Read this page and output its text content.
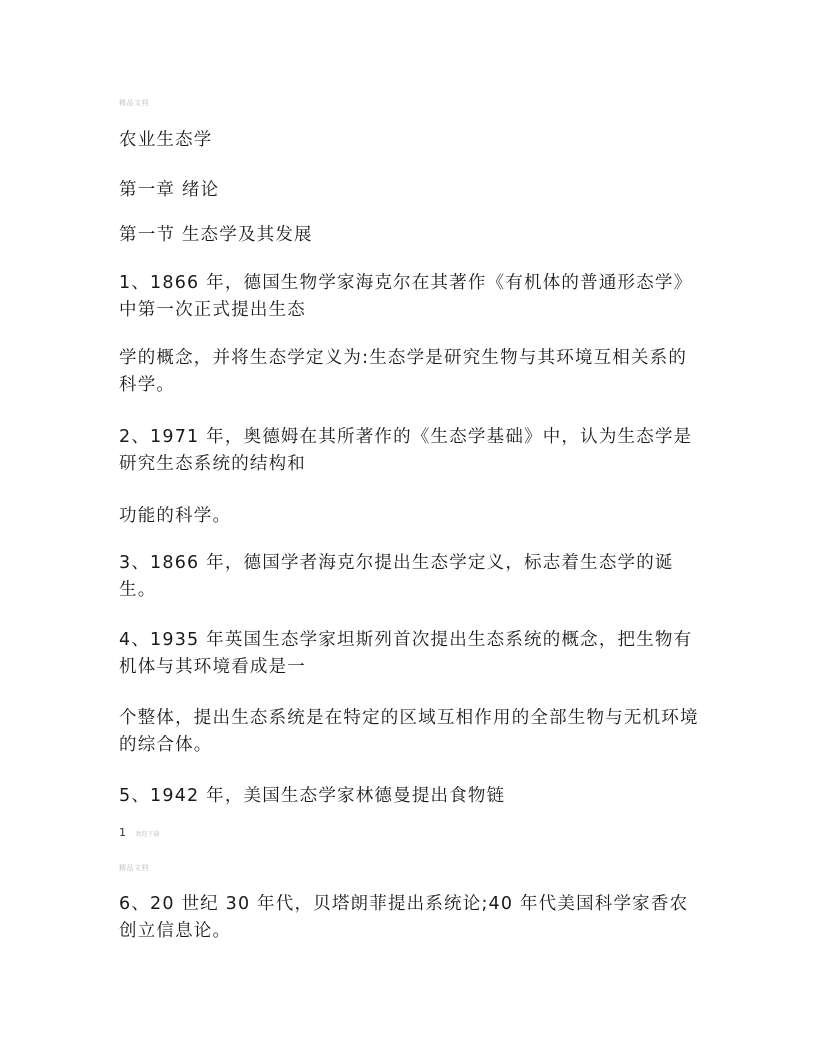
精品文档

农业生态学

第一章 绪论

第一节 生态学及其发展

1、1866 年，德国生物学家海克尔在其著作《有机体的普通形态学》中第一次正式提出生态

学的概念，并将生态学定义为:生态学是研究生物与其环境互相关系的科学。

2、1971 年，奥德姆在其所著作的《生态学基础》中，认为生态学是研究生态系统的结构和

功能的科学。

3、1866 年，德国学者海克尔提出生态学定义，标志着生态学的诞生。

4、1935 年英国生态学家坦斯列首次提出生态系统的概念，把生物有机体与其环境看成是一

个整体，提出生态系统是在特定的区域互相作用的全部生物与无机环境的综合体。

5、1942 年，美国生态学家林德曼提出食物链

1 欢迎下载
精品文档

6、20 世纪 30 年代，贝塔朗菲提出系统论;40 年代美国科学家香农创立信息论。
